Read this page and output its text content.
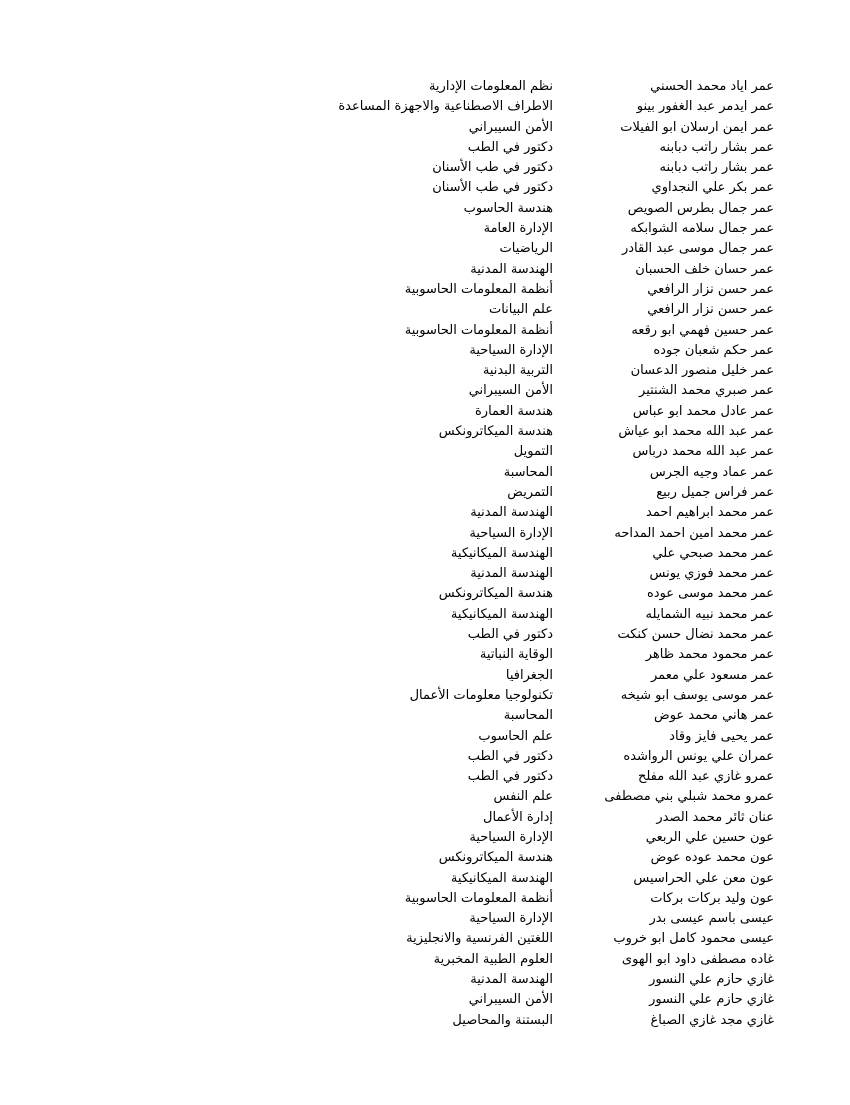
عمر اياد محمد الحسني
نظم المعلومات الإدارية
عمر ايدمر عبد الغفور بينو
الاطراف الاصطناعية والاجهزة المساعدة
عمر ايمن ارسلان ابو الفيلات
الأمن السيبراني
عمر بشار راتب دبابنه
دكتور في الطب
عمر بشار راتب دبابنه
دكتور في طب الأسنان
عمر بكر علي النجداوي
دكتور في طب الأسنان
عمر جمال بطرس الصويص
هندسة الحاسوب
عمر جمال سلامه الشوابكه
الإدارة العامة
عمر جمال موسى عبد القادر
الرياضيات
عمر حسان خلف الحسبان
الهندسة المدنية
عمر حسن نزار الرافعي
أنظمة المعلومات الحاسوبية
عمر حسن نزار الرافعي
علم البيانات
عمر حسين فهمي ابو رقعه
أنظمة المعلومات الحاسوبية
عمر حكم شعبان جوده
الإدارة السياحية
عمر خليل منصور الدعسان
التربية البدنية
عمر صبري محمد الشنتير
الأمن السيبراني
عمر عادل محمد ابو عباس
هندسة العمارة
عمر عبد الله محمد ابو عياش
هندسة الميكاترونكس
عمر عبد الله محمد درباس
التمويل
عمر عماد وجيه الجرس
المحاسبة
عمر فراس جميل ربيع
التمريض
عمر محمد ابراهيم احمد
الهندسة المدنية
عمر محمد امين احمد المداحه
الإدارة السياحية
عمر محمد صبحي علي
الهندسة الميكانيكية
عمر محمد فوزي يونس
الهندسة المدنية
عمر محمد موسى عوده
هندسة الميكاترونكس
عمر محمد نبيه الشمايله
الهندسة الميكانيكية
عمر محمد نضال حسن كنكت
دكتور في الطب
عمر محمود محمد ظاهر
الوقاية النباتية
عمر مسعود علي معمر
الجغرافيا
عمر موسى يوسف ابو شيخه
تكنولوجيا معلومات الأعمال
عمر هاني محمد عوض
المحاسبة
عمر يحيى فايز وقاد
علم الحاسوب
عمران علي يونس الرواشده
دكتور في الطب
عمرو غازي عبد الله مفلح
دكتور في الطب
عمرو محمد شبلي بني مصطفى
علم النفس
عنان ثائر محمد الصدر
إدارة الأعمال
عون حسين علي الربعي
الإدارة السياحية
عون محمد عوده عوض
هندسة الميكاترونكس
عون معن علي الحراسيس
الهندسة الميكانيكية
عون وليد بركات بركات
أنظمة المعلومات الحاسوبية
عيسى باسم عيسى بدر
الإدارة السياحية
عيسى محمود كامل ابو خروب
اللغتين الفرنسية والانجليزية
غاده مصطفى داود ابو الهوى
العلوم الطبية المخبرية
غازي حازم علي النسور
الهندسة المدنية
غازي حازم علي النسور
الأمن السيبراني
غازي مجد غازي الصباغ
البستنة والمحاصيل
